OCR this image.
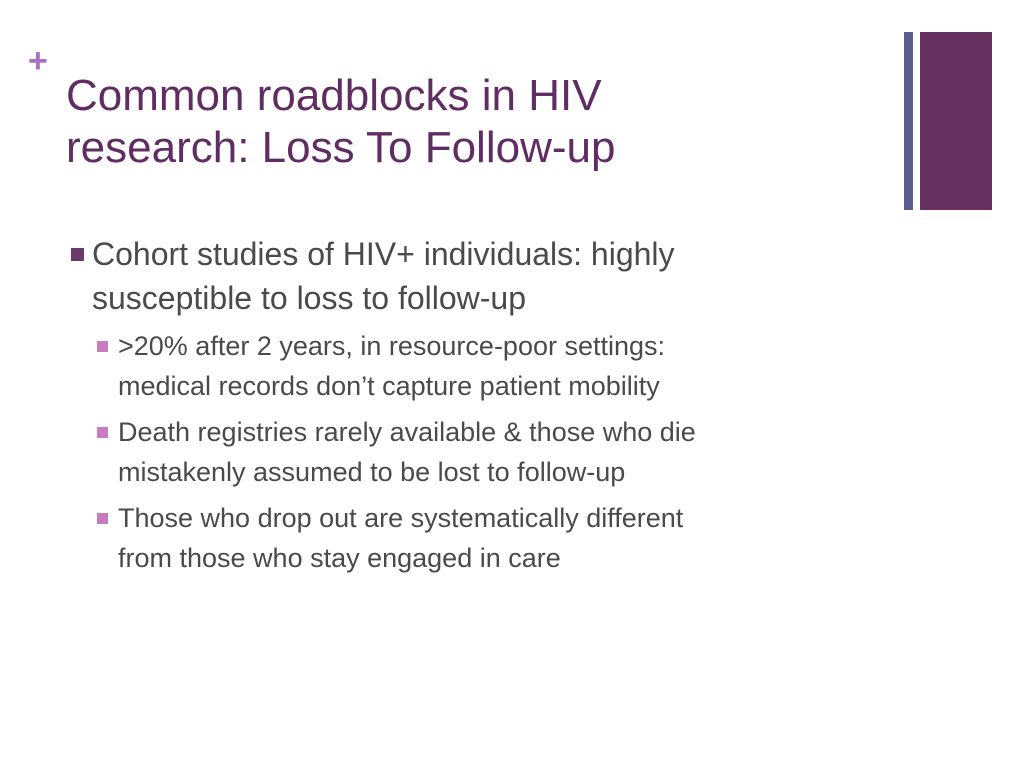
+
Common roadblocks in HIV
research: Loss To Follow-up
Cohort studies of HIV+ individuals: highly
susceptible to loss to follow-up
>20% after 2 years, in resource-poor settings:
medical records don’t capture patient mobility
Death registries rarely available & those who die
mistakenly assumed to be lost to follow-up
Those who drop out are systematically different
from those who stay engaged in care
